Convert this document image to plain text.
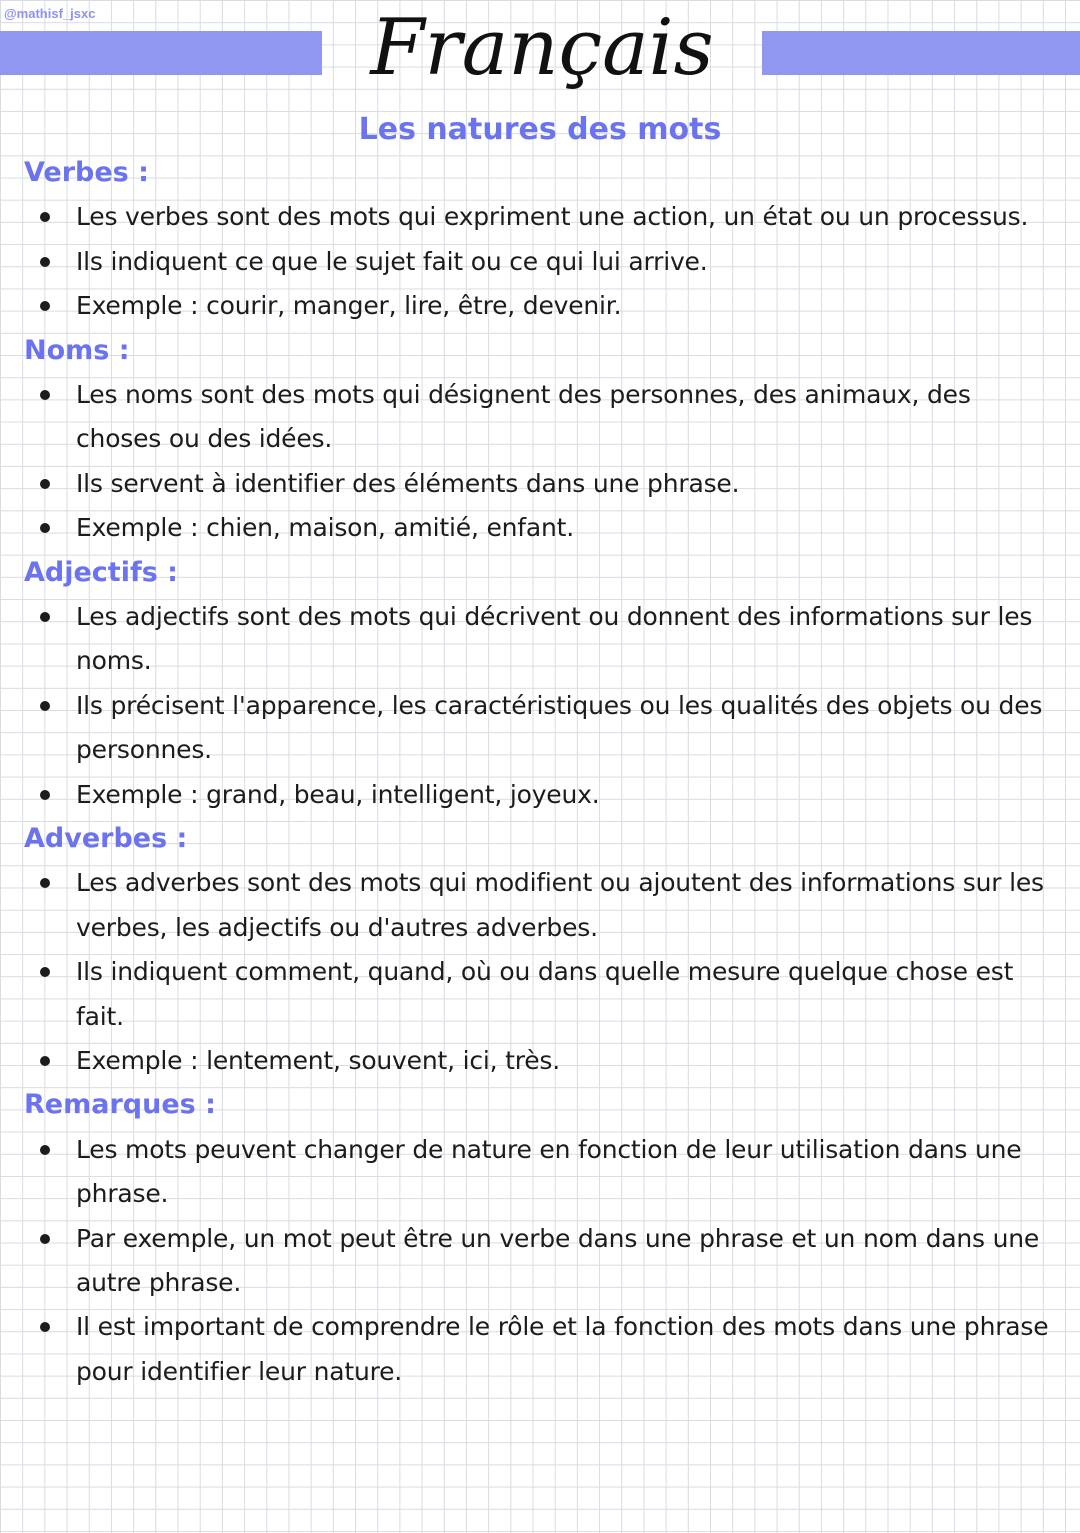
@mathisf_jsxc	Français
Les natures des mots
Verbes :
Les verbes sont des mots qui expriment une action, un état ou un processus.
Ils indiquent ce que le sujet fait ou ce qui lui arrive.
Exemple : courir, manger, lire, être, devenir.
Noms :
Les noms sont des mots qui désignent des personnes, des animaux, des choses ou des idées.
Ils servent à identifier des éléments dans une phrase.
Exemple : chien, maison, amitié, enfant.
Adjectifs :
Les adjectifs sont des mots qui décrivent ou donnent des informations sur les noms.
Ils précisent l'apparence, les caractéristiques ou les qualités des objets ou des personnes.
Exemple : grand, beau, intelligent, joyeux.
Adverbes :
Les adverbes sont des mots qui modifient ou ajoutent des informations sur les verbes, les adjectifs ou d'autres adverbes.
Ils indiquent comment, quand, où ou dans quelle mesure quelque chose est fait.
Exemple : lentement, souvent, ici, très.
Remarques :
Les mots peuvent changer de nature en fonction de leur utilisation dans une phrase.
Par exemple, un mot peut être un verbe dans une phrase et un nom dans une autre phrase.
Il est important de comprendre le rôle et la fonction des mots dans une phrase pour identifier leur nature.
